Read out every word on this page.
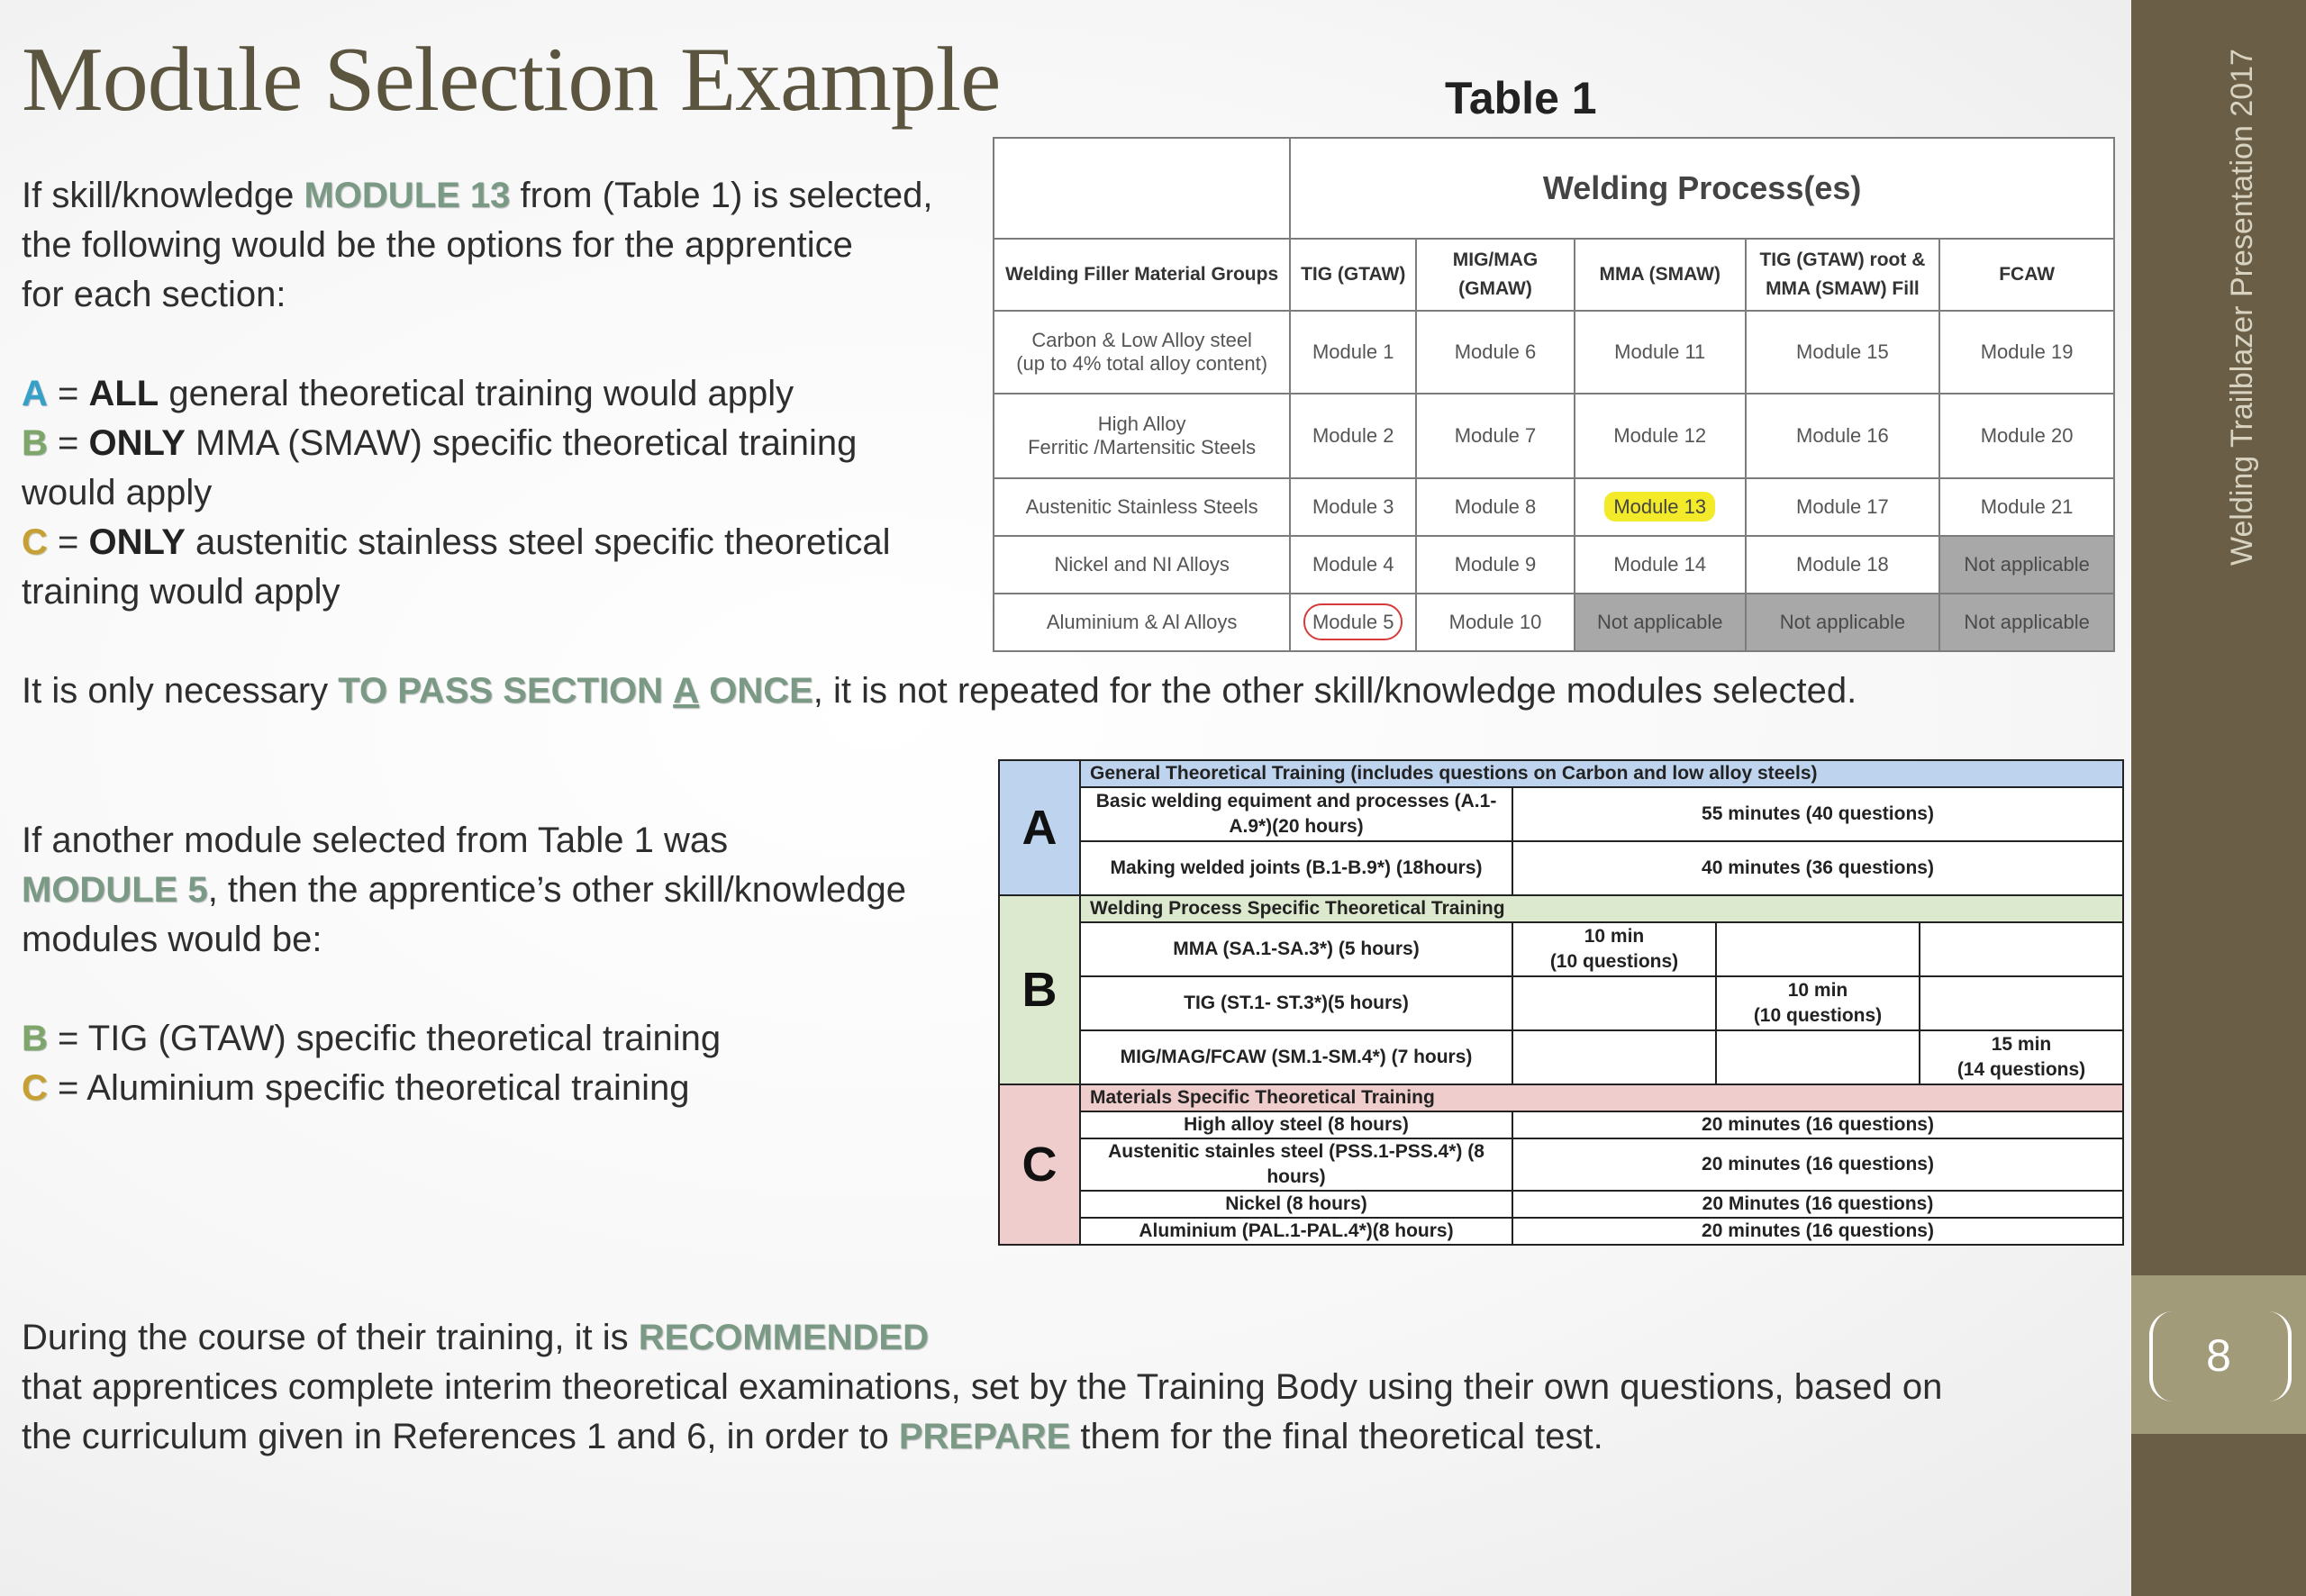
Module Selection Example
If skill/knowledge MODULE 13 from (Table 1) is selected,
the following would be the options for the apprentice
for each section:
A = ALL general theoretical training would apply
B = ONLY MMA (SMAW) specific theoretical training
would apply
C = ONLY austenitic stainless steel specific theoretical
training would apply
It is only necessary TO PASS SECTION A ONCE, it is not repeated for the other skill/knowledge modules selected.
If another module selected from Table 1 was
MODULE 5, then the apprentice’s other skill/knowledge
modules would be:
B = TIG (GTAW) specific theoretical training
C = Aluminium specific theoretical training
During the course of their training, it is RECOMMENDED
that apprentices complete interim theoretical examinations, set by the Training Body using their own questions, based on
the curriculum given in References 1 and 6, in order to PREPARE them for the final theoretical test.
Table 1
	Welding Process(es)				
Welding Filler Material Groups	TIG (GTAW)	MIG/MAG (GMAW)	MMA (SMAW)	TIG (GTAW) root & MMA (SMAW) Fill	FCAW

Carbon & Low Alloy steel
(up to 4% total alloy content)	Module 1	Module 6	Module 11	Module 15	Module 19

High Alloy
Ferritic /Martensitic Steels	Module 2	Module 7	Module 12	Module 16	Module 20
Austenitic Stainless Steels	Module 3	Module 8	Module 13	Module 17	Module 21
Nickel and NI Alloys	Module 4	Module 9	Module 14	Module 18	Not applicable
Aluminium & Al Alloys	Module 5	Module 10	Not applicable	Not applicable	Not applicable
A	General Theoretical Training (includes questions on Carbon and low alloy steels)			
	Basic welding equiment and processes (A.1-A.9*)(20 hours)	55 minutes (40 questions)		
	Making welded joints (B.1-B.9*) (18hours)	40 minutes (36 questions)		
B	Welding Process Specific Theoretical Training			
	MMA (SA.1-SA.3*) (5 hours)	10 min
(10 questions)		

	TIG (ST.1- ST.3*)(5 hours)		10 min
(10 questions)	

	MIG/MAG/FCAW (SM.1-SM.4*) (7 hours)			15 min
(14 questions)

C	Materials Specific Theoretical Training			
	High alloy steel (8 hours)	20 minutes (16 questions)		
	Austenitic stainles steel (PSS.1-PSS.4*) (8 hours)	20 minutes (16 questions)		
	Nickel (8 hours)	20 Minutes (16 questions)		
	Aluminium (PAL.1-PAL.4*)(8 hours)	20 minutes (16 questions)		
Welding Trailblazer Presentation 2017
8
